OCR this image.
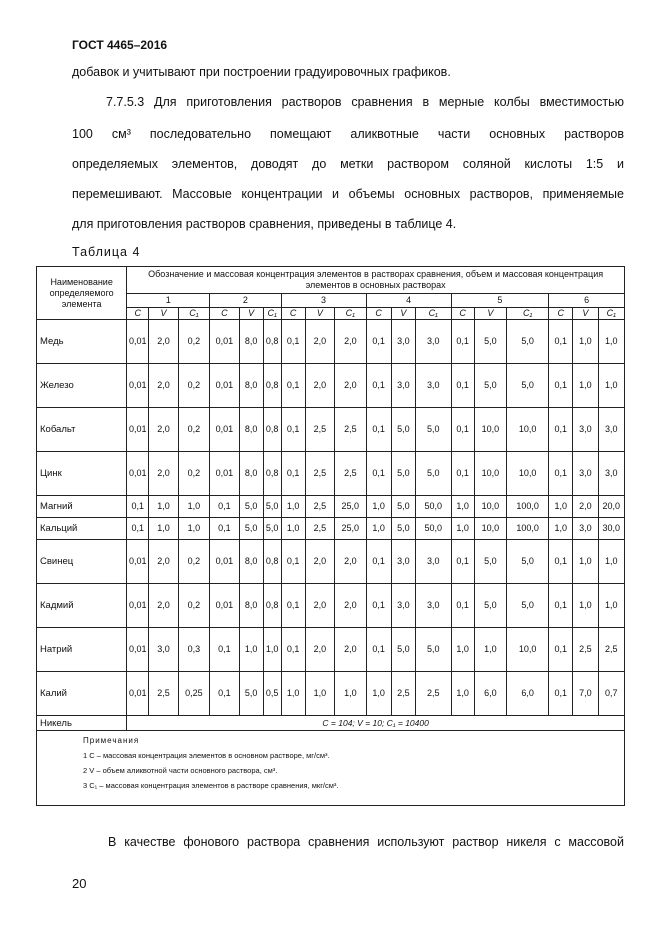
ГОСТ 4465–2016
добавок и учитывают при построении градуировочных графиков.
7.7.5.3 Для приготовления растворов сравнения в мерные колбы вместимостью
100 см³ последовательно помещают аликвотные части основных растворов
определяемых элементов, доводят до метки раствором соляной кислоты 1:5 и
перемешивают. Массовые концентрации и объемы основных растворов, применяемые
для приготовления растворов сравнения, приведены в таблице 4.
Таблица 4
Наименование определяемого элемента	Обозначение и массовая концентрация элементов в растворах сравнения, объем и массовая концентрация элементов в основных растворах																	
	1			2			3			4			5			6		
	C	V	C₁	C	V	C₁	C	V	C₁	C	V	C₁	C	V	C₁	C	V	C₁
Медь	0,01	2,0	0,2	0,01	8,0	0,8	0,1	2,0	2,0	0,1	3,0	3,0	0,1	5,0	5,0	0,1	1,0	1,0
Железо	0,01	2,0	0,2	0,01	8,0	0,8	0,1	2,0	2,0	0,1	3,0	3,0	0,1	5,0	5,0	0,1	1,0	1,0
Кобальт	0,01	2,0	0,2	0,01	8,0	0,8	0,1	2,5	2,5	0,1	5,0	5,0	0,1	10,0	10,0	0,1	3,0	3,0
Цинк	0,01	2,0	0,2	0,01	8,0	0,8	0,1	2,5	2,5	0,1	5,0	5,0	0,1	10,0	10,0	0,1	3,0	3,0
Магний	0,1	1,0	1,0	0,1	5,0	5,0	1,0	2,5	25,0	1,0	5,0	50,0	1,0	10,0	100,0	1,0	2,0	20,0
Кальций	0,1	1,0	1,0	0,1	5,0	5,0	1,0	2,5	25,0	1,0	5,0	50,0	1,0	10,0	100,0	1,0	3,0	30,0
Свинец	0,01	2,0	0,2	0,01	8,0	0,8	0,1	2,0	2,0	0,1	3,0	3,0	0,1	5,0	5,0	0,1	1,0	1,0
Кадмий	0,01	2,0	0,2	0,01	8,0	0,8	0,1	2,0	2,0	0,1	3,0	3,0	0,1	5,0	5,0	0,1	1,0	1,0
Натрий	0,01	3,0	0,3	0,1	1,0	1,0	0,1	2,0	2,0	0,1	5,0	5,0	1,0	1,0	10,0	0,1	2,5	2,5
Калий	0,01	2,5	0,25	0,1	5,0	0,5	1,0	1,0	1,0	1,0	2,5	2,5	1,0	6,0	6,0	0,1	7,0	0,7
Никель	C = 104; V = 10; C₁ = 10400																	

Примечания
1 C – массовая концентрация элементов в основном растворе, мг/см³.
2 V – объем аликвотной части основного раствора, см³.
3 C₁ – массовая концентрация элементов в растворе сравнения, мкг/см³.																		
20
В качестве фонового раствора сравнения используют раствор никеля с массовой
